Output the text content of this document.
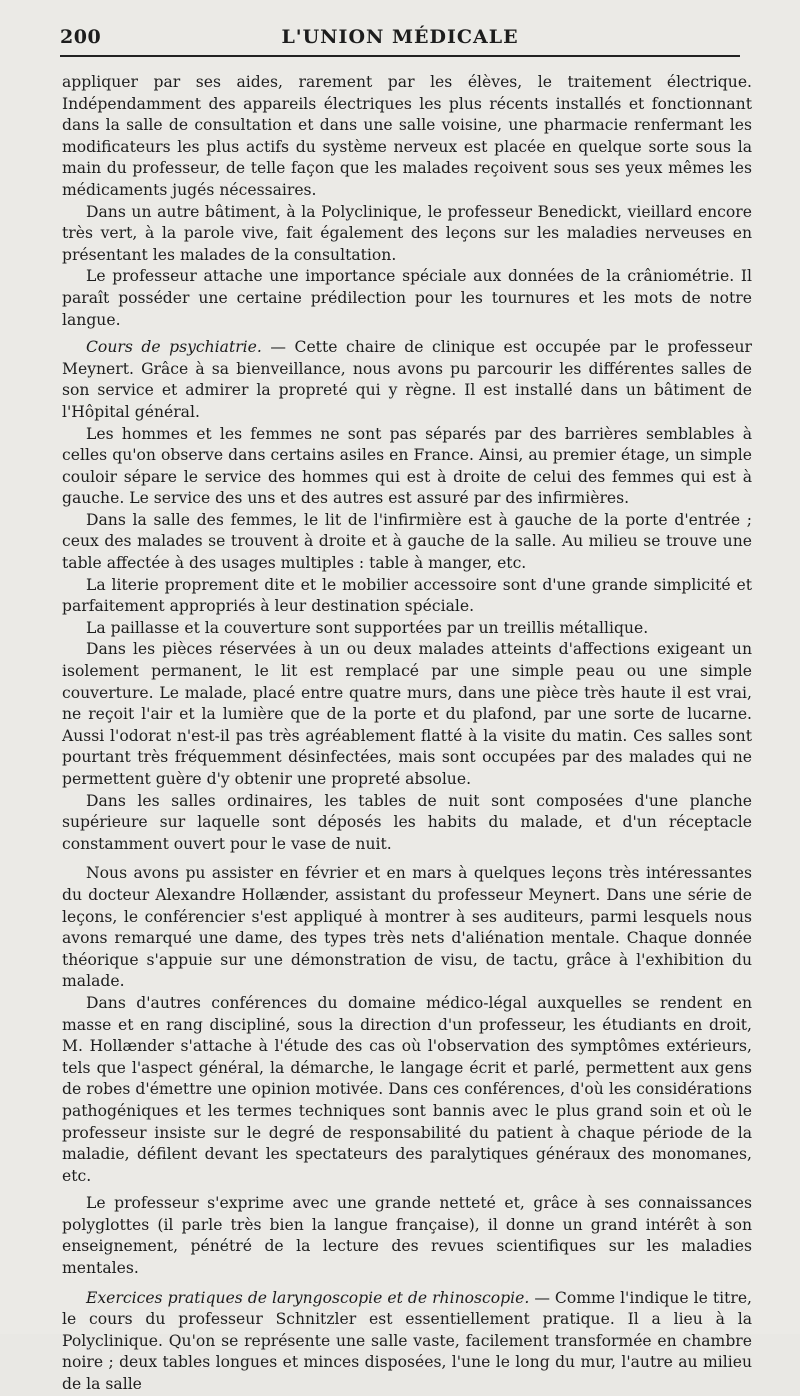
200	L'UNION MÉDICALE

appliquer par ses aides, rarement par les élèves, le traitement électrique. Indépendamment des appareils électriques les plus récents installés et fonctionnant dans la salle de consultation et dans une salle voisine, une pharmacie renfermant les modificateurs les plus actifs du système nerveux est placée en quelque sorte sous la main du professeur, de telle façon que les malades reçoivent sous ses yeux mêmes les médicaments jugés nécessaires.

Dans un autre bâtiment, à la Polyclinique, le professeur Benedickt, vieillard encore très vert, à la parole vive, fait également des leçons sur les maladies nerveuses en présentant les malades de la consultation.

Le professeur attache une importance spéciale aux données de la crâniométrie. Il paraît posséder une certaine prédilection pour les tournures et les mots de notre langue.

Cours de psychiatrie. — Cette chaire de clinique est occupée par le professeur Meynert. Grâce à sa bienveillance, nous avons pu parcourir les différentes salles de son service et admirer la propreté qui y règne. Il est installé dans un bâtiment de l'Hôpital général.

Les hommes et les femmes ne sont pas séparés par des barrières semblables à celles qu'on observe dans certains asiles en France. Ainsi, au premier étage, un simple couloir sépare le service des hommes qui est à droite de celui des femmes qui est à gauche. Le service des uns et des autres est assuré par des infirmières.

Dans la salle des femmes, le lit de l'infirmière est à gauche de la porte d'entrée ; ceux des malades se trouvent à droite et à gauche de la salle. Au milieu se trouve une table affectée à des usages multiples : table à manger, etc.

La literie proprement dite et le mobilier accessoire sont d'une grande simplicité et parfaitement appropriés à leur destination spéciale.

La paillasse et la couverture sont supportées par un treillis métallique.

Dans les pièces réservées à un ou deux malades atteints d'affections exigeant un isolement permanent, le lit est remplacé par une simple peau ou une simple couverture. Le malade, placé entre quatre murs, dans une pièce très haute il est vrai, ne reçoit l'air et la lumière que de la porte et du plafond, par une sorte de lucarne. Aussi l'odorat n'est-il pas très agréablement flatté à la visite du matin. Ces salles sont pourtant très fréquemment désinfectées, mais sont occupées par des malades qui ne permettent guère d'y obtenir une propreté absolue.

Dans les salles ordinaires, les tables de nuit sont composées d'une planche supérieure sur laquelle sont déposés les habits du malade, et d'un réceptacle constamment ouvert pour le vase de nuit.

Nous avons pu assister en février et en mars à quelques leçons très intéressantes du docteur Alexandre Hollænder, assistant du professeur Meynert. Dans une série de leçons, le conférencier s'est appliqué à montrer à ses auditeurs, parmi lesquels nous avons remarqué une dame, des types très nets d'aliénation mentale. Chaque donnée théorique s'appuie sur une démonstration de visu, de tactu, grâce à l'exhibition du malade.

Dans d'autres conférences du domaine médico-légal auxquelles se rendent en masse et en rang discipliné, sous la direction d'un professeur, les étudiants en droit, M. Hollænder s'attache à l'étude des cas où l'observation des symptômes extérieurs, tels que l'aspect général, la démarche, le langage écrit et parlé, permettent aux gens de robes d'émettre une opinion motivée. Dans ces conférences, d'où les considérations pathogéniques et les termes techniques sont bannis avec le plus grand soin et où le professeur insiste sur le degré de responsabilité du patient à chaque période de la maladie, défilent devant les spectateurs des paralytiques généraux des monomanes, etc.

Le professeur s'exprime avec une grande netteté et, grâce à ses connaissances polyglottes (il parle très bien la langue française), il donne un grand intérêt à son enseignement, pénétré de la lecture des revues scientifiques sur les maladies mentales.

Exercices pratiques de laryngoscopie et de rhinoscopie. — Comme l'indique le titre, le cours du professeur Schnitzler est essentiellement pratique. Il a lieu à la Polyclinique. Qu'on se représente une salle vaste, facilement transformée en chambre noire ; deux tables longues et minces disposées, l'une le long du mur, l'autre au milieu de la salle
